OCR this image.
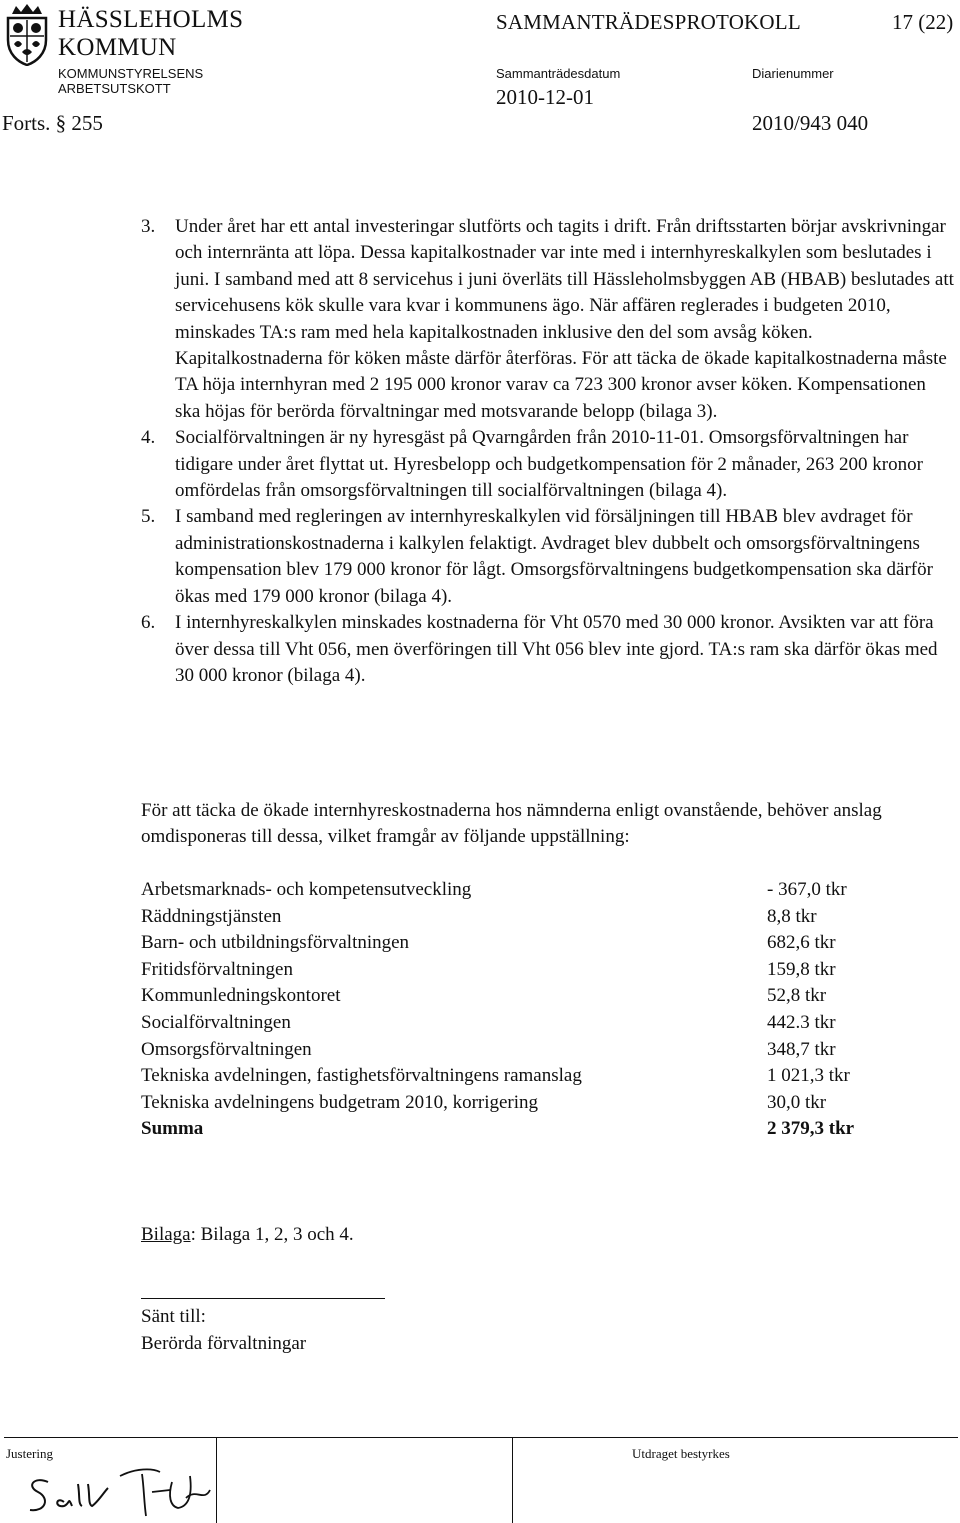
HÄSSLEHOLMS
KOMMUN
KOMMUNSTYRELSENS
ARBETSUTSKOTT
SAMMANTRÄDESPROTOKOLL	17 (22)
Sammanträdesdatum	Diarienummer
2010-12-01
Forts. § 255	2010/943 040
3. Under året har ett antal investeringar slutförts och tagits i drift. Från driftsstarten börjar avskrivningar och internränta att löpa. Dessa kapitalkostnader var inte med i internhyreskalkylen som beslutades i juni. I samband med att 8 servicehus i juni överläts till Hässleholmsbyggen AB (HBAB) beslutades att servicehusens kök skulle vara kvar i kommunens ägo. När affären reglerades i budgeten 2010, minskades TA:s ram med hela kapitalkostnaden inklusive den del som avsåg köken. Kapitalkostnaderna för köken måste därför återföras. För att täcka de ökade kapitalkostnaderna måste TA höja internhyran med 2 195 000 kronor varav ca 723 300 kronor avser köken. Kompensationen ska höjas för berörda förvaltningar med motsvarande belopp (bilaga 3).
4. Socialförvaltningen är ny hyresgäst på Qvarngården från 2010-11-01. Omsorgsförvaltningen har tidigare under året flyttat ut. Hyresbelopp och budgetkompensation för 2 månader, 263 200 kronor omfördelas från omsorgsförvaltningen till socialförvaltningen (bilaga 4).
5. I samband med regleringen av internhyreskalkylen vid försäljningen till HBAB blev avdraget för administrationskostnaderna i kalkylen felaktigt. Avdraget blev dubbelt och omsorgsförvaltningens kompensation blev 179 000 kronor för lågt. Omsorgsförvaltningens budgetkompensation ska därför ökas med 179 000 kronor (bilaga 4).
6. I internhyreskalkylen minskades kostnaderna för Vht 0570 med 30 000 kronor. Avsikten var att föra över dessa till Vht 056, men överföringen till Vht 056 blev inte gjord. TA:s ram ska därför ökas med 30 000 kronor (bilaga 4).
För att täcka de ökade internhyreskostnaderna hos nämnderna enligt ovanstående, behöver anslag omdisponeras till dessa, vilket framgår av följande uppställning:
Arbetsmarknads- och kompetensutveckling	- 367,0 tkr
Räddningstjänsten	8,8 tkr
Barn- och utbildningsförvaltningen	682,6 tkr
Fritidsförvaltningen	159,8 tkr
Kommunledningskontoret	52,8 tkr
Socialförvaltningen	442.3 tkr
Omsorgsförvaltningen	348,7 tkr
Tekniska avdelningen, fastighetsförvaltningens ramanslag	1 021,3 tkr
Tekniska avdelningens budgetram 2010, korrigering	30,0 tkr
Summa	2 379,3 tkr
Bilaga: Bilaga 1, 2, 3 och 4.
Sänt till:
Berörda förvaltningar
Justering	Utdraget bestyrkes
